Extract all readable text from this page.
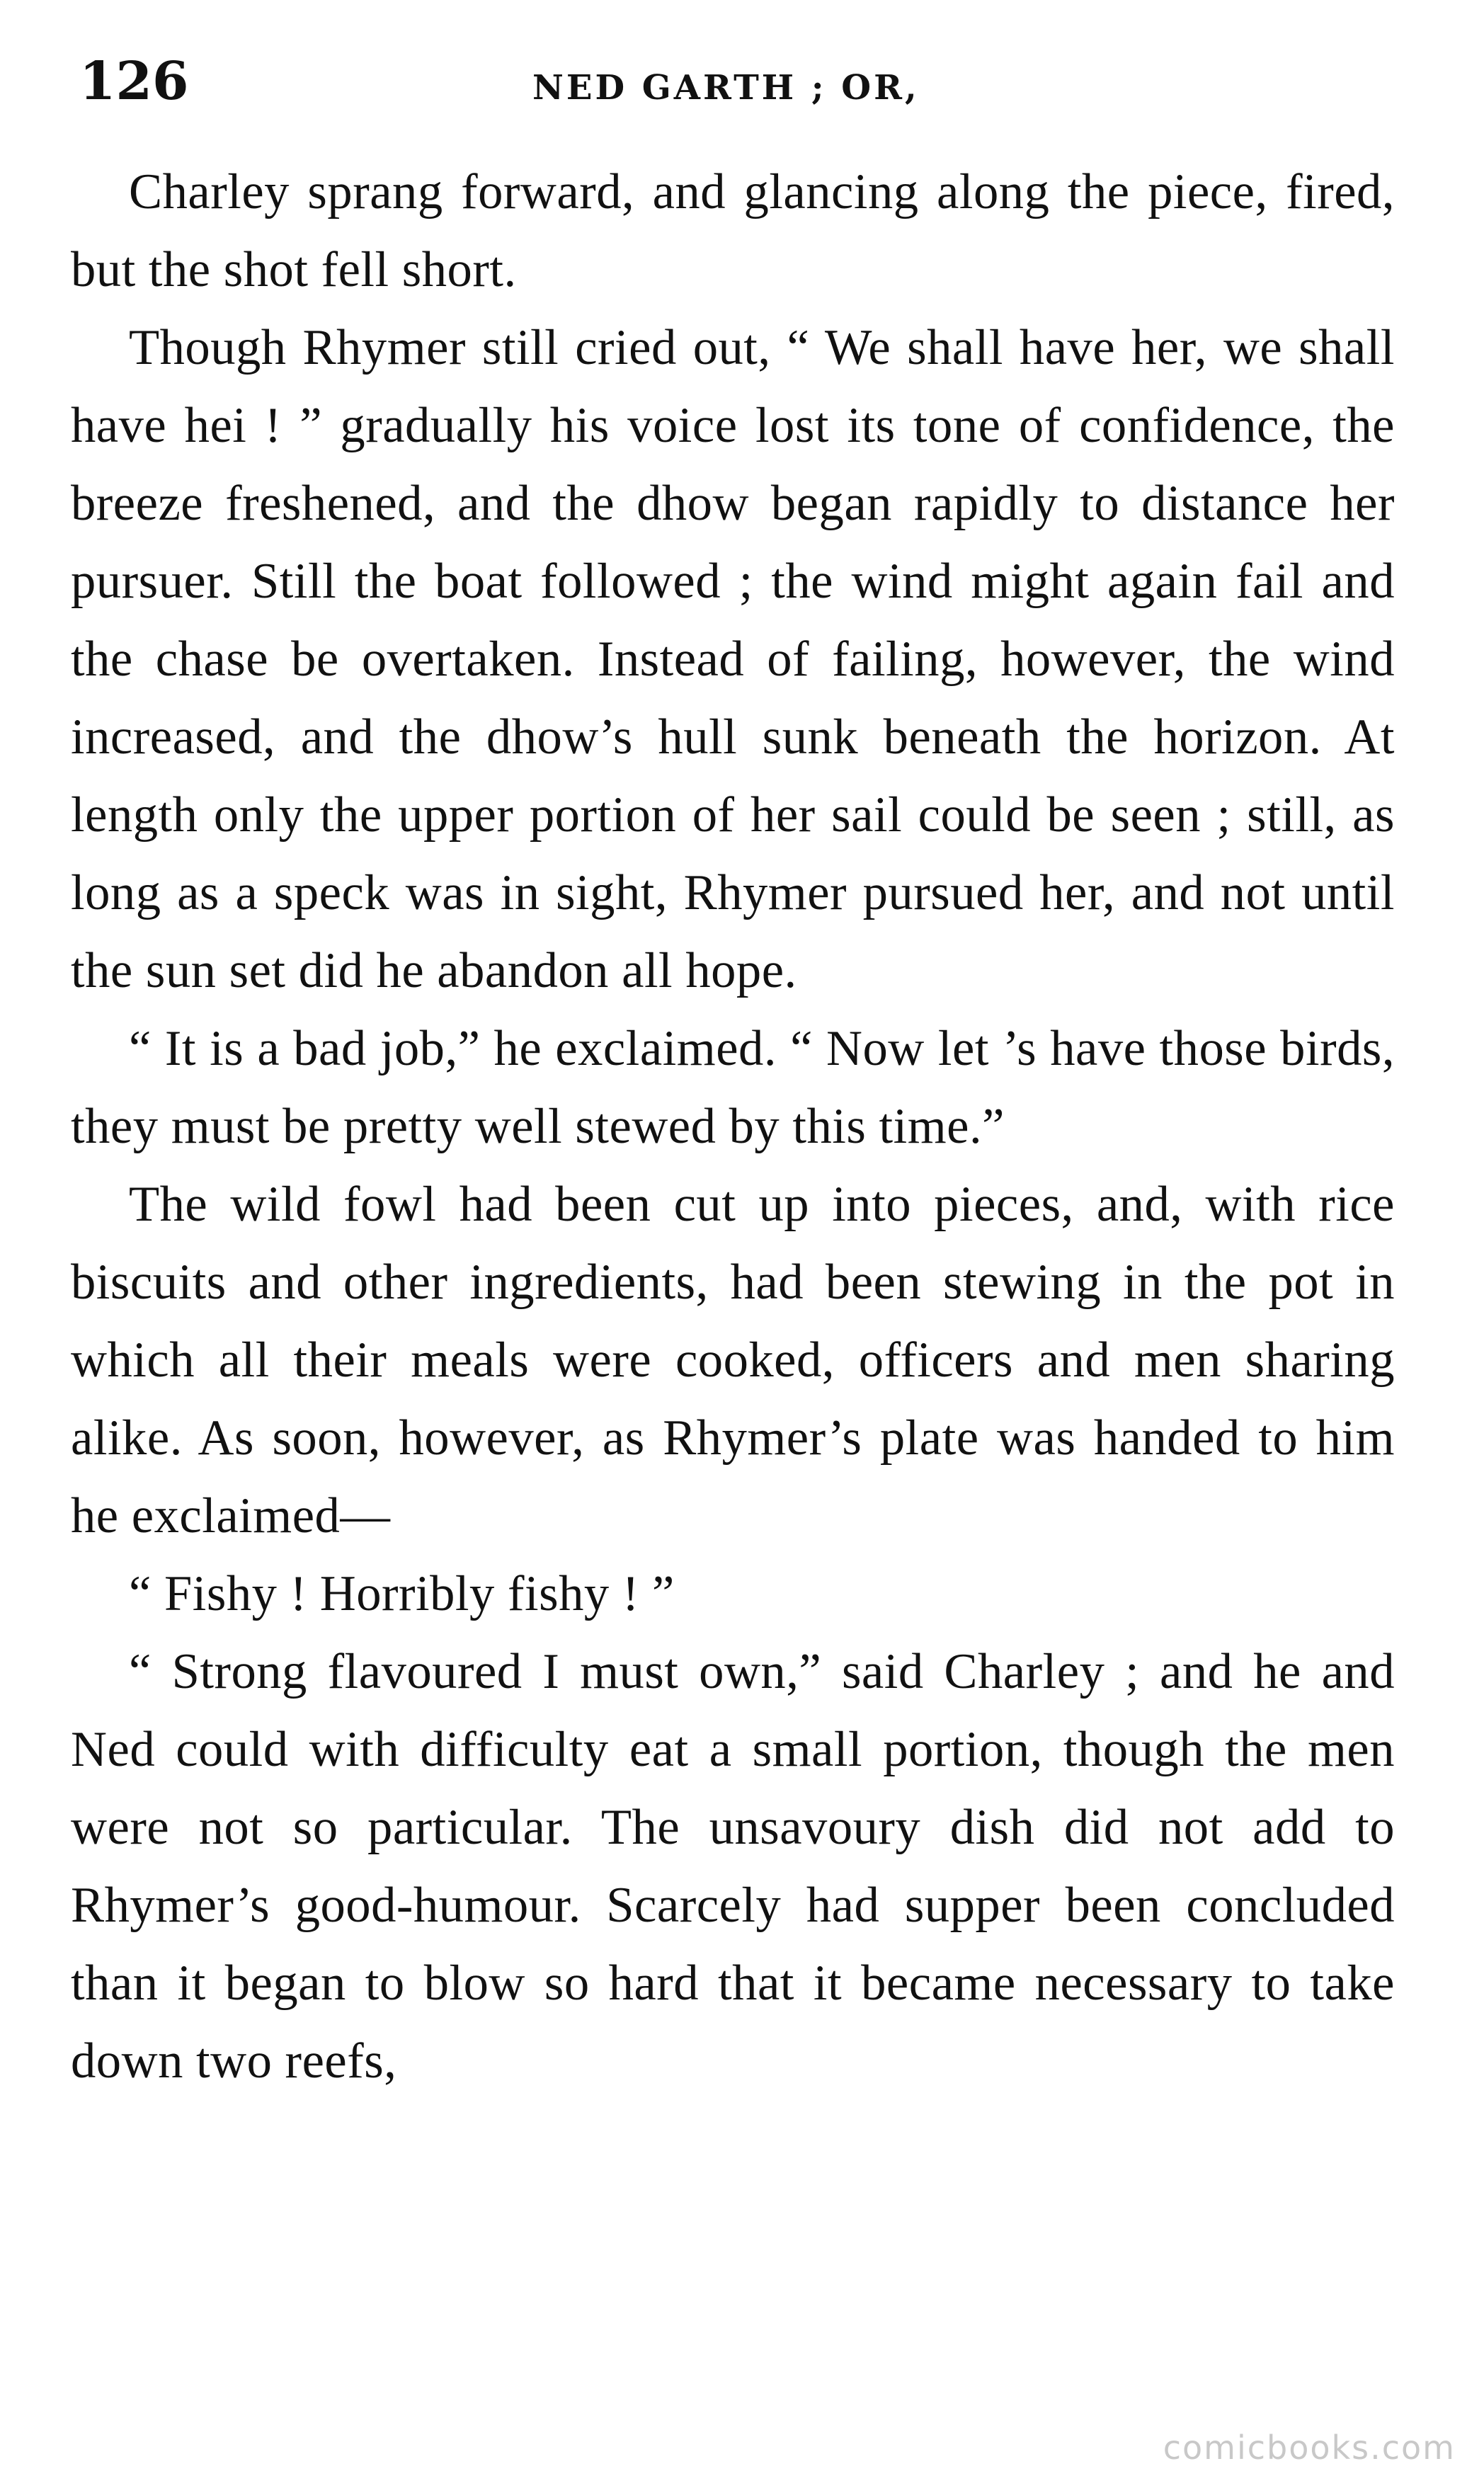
126	NED GARTH ; OR,

Charley sprang forward, and glancing along the piece, fired, but the shot fell short.

Though Rhymer still cried out, “ We shall have her, we shall have hei ! ” gradually his voice lost its tone of confidence, the breeze freshened, and the dhow began rapidly to distance her pursuer. Still the boat followed ; the wind might again fail and the chase be overtaken. Instead of failing, however, the wind increased, and the dhow’s hull sunk beneath the horizon. At length only the upper portion of her sail could be seen ; still, as long as a speck was in sight, Rhymer pursued her, and not until the sun set did he abandon all hope.

“ It is a bad job,” he exclaimed. “ Now let ’s have those birds, they must be pretty well stewed by this time.”

The wild fowl had been cut up into pieces, and, with rice biscuits and other ingredients, had been stewing in the pot in which all their meals were cooked, officers and men sharing alike. As soon, however, as Rhymer’s plate was handed to him he exclaimed—

“ Fishy ! Horribly fishy ! ”

“ Strong flavoured I must own,” said Charley ; and he and Ned could with difficulty eat a small portion, though the men were not so particular. The unsavoury dish did not add to Rhymer’s good-humour. Scarcely had supper been concluded than it began to blow so hard that it became necessary to take down two reefs,

comicbooks.com
